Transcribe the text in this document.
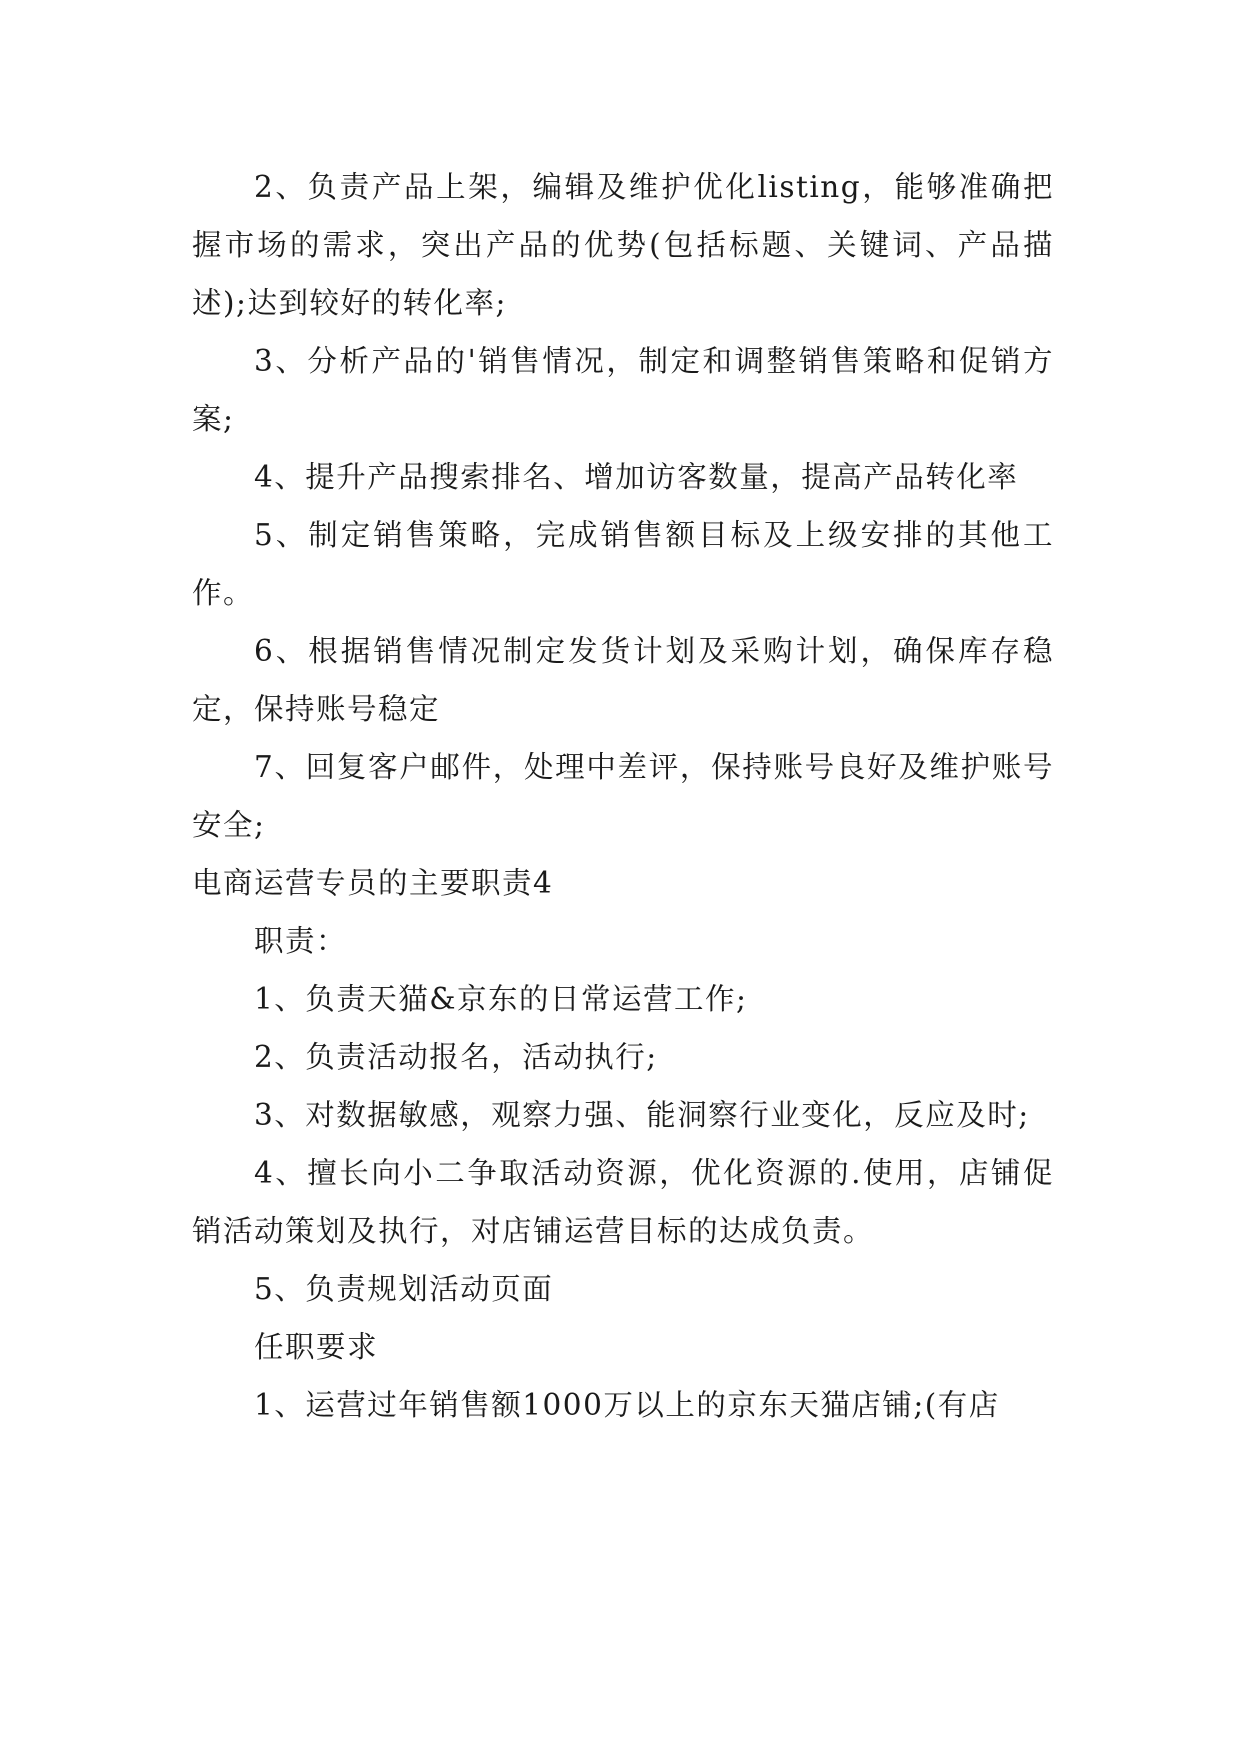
2、负责产品上架，编辑及维护优化listing，能够准确把握市场的需求，突出产品的优势(包括标题、关键词、产品描述);达到较好的转化率;

3、分析产品的'销售情况，制定和调整销售策略和促销方案;

4、提升产品搜索排名、增加访客数量，提高产品转化率

5、制定销售策略，完成销售额目标及上级安排的其他工作。

6、根据销售情况制定发货计划及采购计划，确保库存稳定，保持账号稳定

7、回复客户邮件，处理中差评，保持账号良好及维护账号安全;

电商运营专员的主要职责4

职责：

1、负责天猫&京东的日常运营工作;

2、负责活动报名，活动执行;

3、对数据敏感，观察力强、能洞察行业变化，反应及时;

4、擅长向小二争取活动资源，优化资源的.使用，店铺促销活动策划及执行，对店铺运营目标的达成负责。

5、负责规划活动页面

任职要求

1、运营过年销售额1000万以上的京东天猫店铺;(有店
